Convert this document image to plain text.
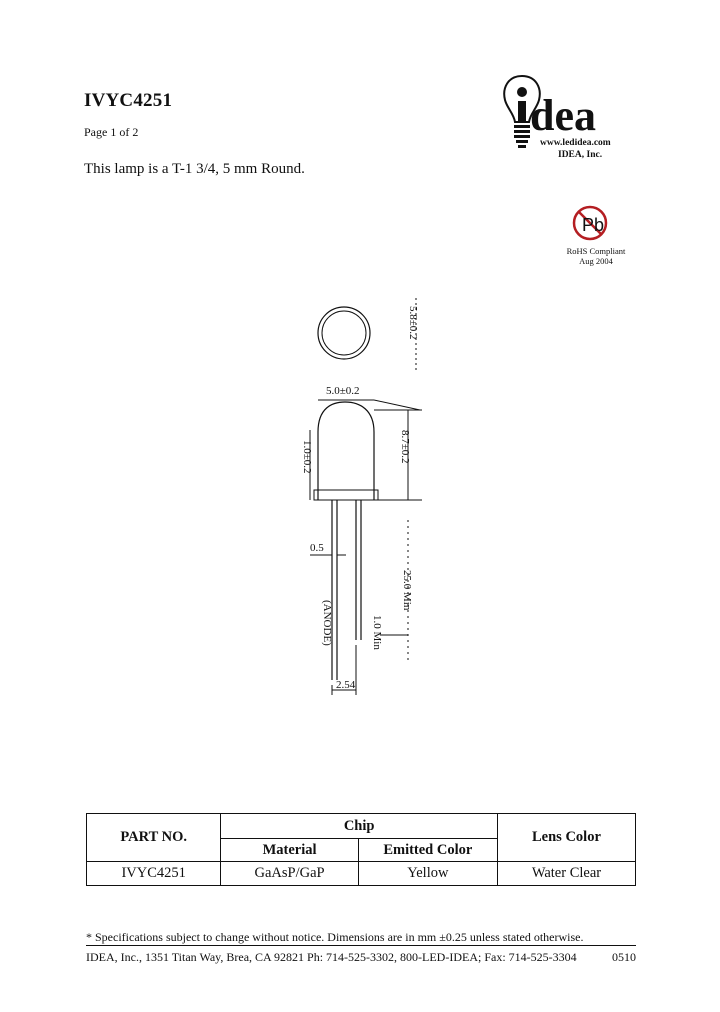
IVYC4251
Page 1 of 2
This lamp is a T-1 3/4, 5 mm Round.
dea
www.ledidea.com
IDEA, Inc.
Pb
RoHS Compliant
Aug 2004
5.8±0.2
5.0±0.2
8.7±0.2
1.0±0.2
25.0 Min
0.5
(ANODE)	1.0 Min
2.54
PART NO.	Chip		Lens Color
	Material	Emitted Color	
IVYC4251	GaAsP/GaP	Yellow	Water Clear
* Specifications subject to change without notice. Dimensions are in mm ±0.25 unless stated otherwise.
IDEA, Inc., 1351 Titan Way, Brea, CA 92821 Ph: 714-525-3302, 800-LED-IDEA; Fax: 714-525-3304	0510
